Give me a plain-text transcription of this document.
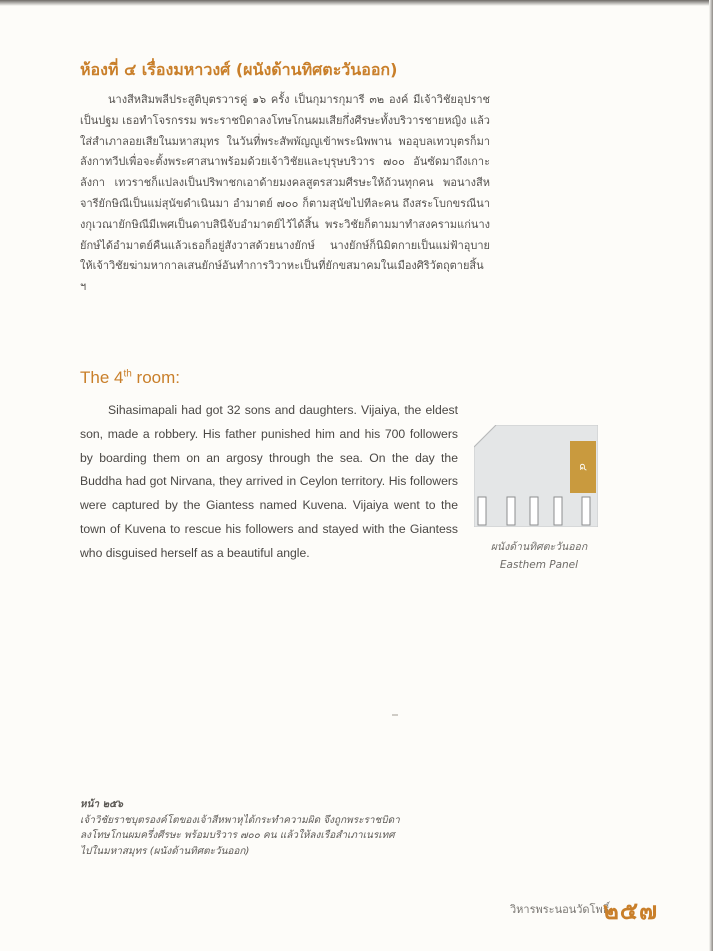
ห้องที่ ๔ เรื่องมหาวงศ์ (ผนังด้านทิศตะวันออก)
นางสีหสิมพลีประสูติบุตรวารคู่ ๑๖ ครั้ง เป็นกุมารกุมารี ๓๒ องค์ มีเจ้าวิชัยอุปราชเป็นปฐม เธอทำโจรกรรม พระราชบิดาลงโทษโกนผมเสียกึ่งศีรษะทั้งบริวารชายหญิง แล้วใส่สำเภาลอยเสียในมหาสมุทร ในวันที่พระสัพพัญญูเข้าพระนิพพาน พออุบลเทวบุตรก็มาลังกาทวีปเพื่อจะตั้งพระศาสนาพร้อมด้วยเจ้าวิชัยและบุรุษบริวาร ๗๐๐ อันซัดมาถึงเกาะลังกา เทวราชก็แปลงเป็นปริพาชกเอาด้ายมงคลสูตรสวมศีรษะให้ถ้วนทุกคน พอนางสีหจารียักษิณีเป็นแม่สุนัขดำเนินมา อำมาตย์ ๗๐๐ ก็ตามสุนัขไปทีละคน ถึงสระโบกขรณีนางกุเวณายักษิณีมีเพศเป็นดาบสินีจับอำมาตย์ไว้ได้สิ้น พระวิชัยก็ตามมาทำสงครามแก่นางยักษ์ได้อำมาตย์คืนแล้วเธอก็อยู่สังวาสด้วยนางยักษ์ นางยักษ์ก็นิมิตกายเป็นแม่ฟ้าอุบายให้เจ้าวิชัยฆ่ามหากาลเสนยักษ์อันทำการวิวาหะเป็นที่ยักขสมาคมในเมืองศิริวัตถุตายสิ้น ฯ
The 4th room:
Sihasimapali had got 32 sons and daughters. Vijaiya, the eldest son, made a robbery. His father punished him and his 700 followers by boarding them on an argosy through the sea. On the day the Buddha had got Nirvana, they arrived in Ceylon territory. His followers were captured by the Giantess named Kuvena. Vijaiya went to the town of Kuvena to rescue his followers and stayed with the Giantess who disguised herself as a beautiful angle.
๔
ผนังด้านทิศตะวันออก
Easthem Panel
หน้า ๒๕๖
เจ้าวิชัยราชบุตรองค์โตของเจ้าสีหพาหุได้กระทำความผิด จึงถูกพระราชบิดาลงโทษโกนผมครึ่งศีรษะ พร้อมบริวาร ๗๐๐ คน แล้วให้ลงเรือสำเภาเนรเทศไปในมหาสมุทร (ผนังด้านทิศตะวันออก)
วิหารพระนอนวัดโพธิ์
๒๕๗
